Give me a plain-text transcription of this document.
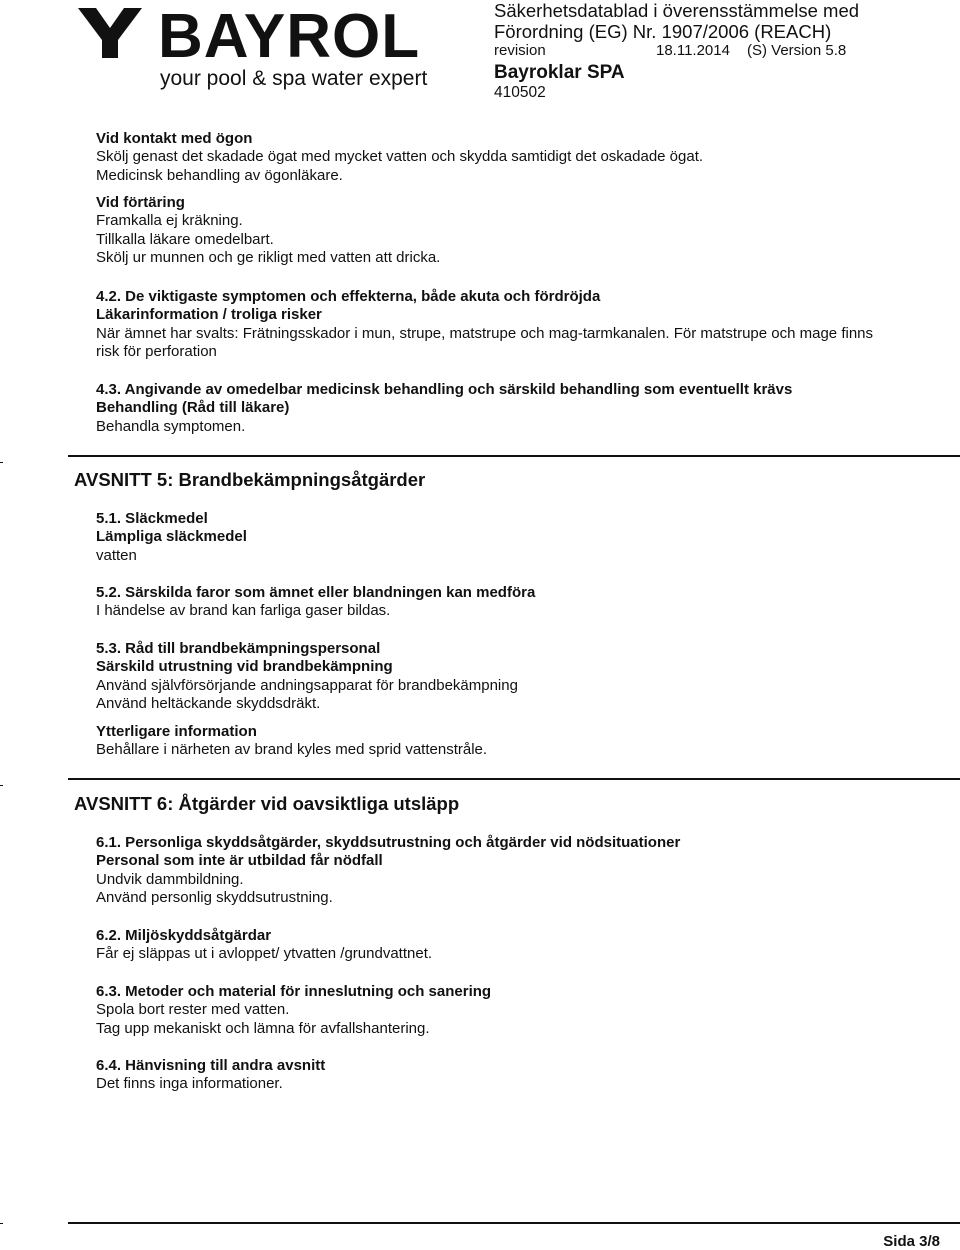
BAYROL
your pool & spa water expert
Säkerhetsdatablad i överensstämmelse med
Förordning (EG) Nr. 1907/2006 (REACH)
revision	18.11.2014 (S) Version 5.8
Bayroklar SPA
410502
Vid kontakt med ögon
Skölj genast det skadade ögat med mycket vatten och skydda samtidigt det oskadade ögat.
Medicinsk behandling av ögonläkare.
Vid förtäring
Framkalla ej kräkning.
Tillkalla läkare omedelbart.
Skölj ur munnen och ge rikligt med vatten att dricka.
4.2. De viktigaste symptomen och effekterna, både akuta och fördröjda
Läkarinformation / troliga risker
När ämnet har svalts: Frätningsskador i mun, strupe, matstrupe och mag-tarmkanalen. För matstrupe och mage finns
risk för perforation
4.3. Angivande av omedelbar medicinsk behandling och särskild behandling som eventuellt krävs
Behandling (Råd till läkare)
Behandla symptomen.
AVSNITT 5: Brandbekämpningsåtgärder
5.1. Släckmedel
Lämpliga släckmedel
vatten
5.2. Särskilda faror som ämnet eller blandningen kan medföra
I händelse av brand kan farliga gaser bildas.
5.3. Råd till brandbekämpningspersonal
Särskild utrustning vid brandbekämpning
Använd självförsörjande andningsapparat för brandbekämpning
Använd heltäckande skyddsdräkt.
Ytterligare information
Behållare i närheten av brand kyles med sprid vattenstråle.
AVSNITT 6: Åtgärder vid oavsiktliga utsläpp
6.1. Personliga skyddsåtgärder, skyddsutrustning och åtgärder vid nödsituationer
Personal som inte är utbildad får nödfall
Undvik dammbildning.
Använd personlig skyddsutrustning.
6.2. Miljöskyddsåtgärdar
Får ej släppas ut i avloppet/ ytvatten /grundvattnet.
6.3. Metoder och material för inneslutning och sanering
Spola bort rester med vatten.
Tag upp mekaniskt och lämna för avfallshantering.
6.4. Hänvisning till andra avsnitt
Det finns inga informationer.
Sida 3/8
